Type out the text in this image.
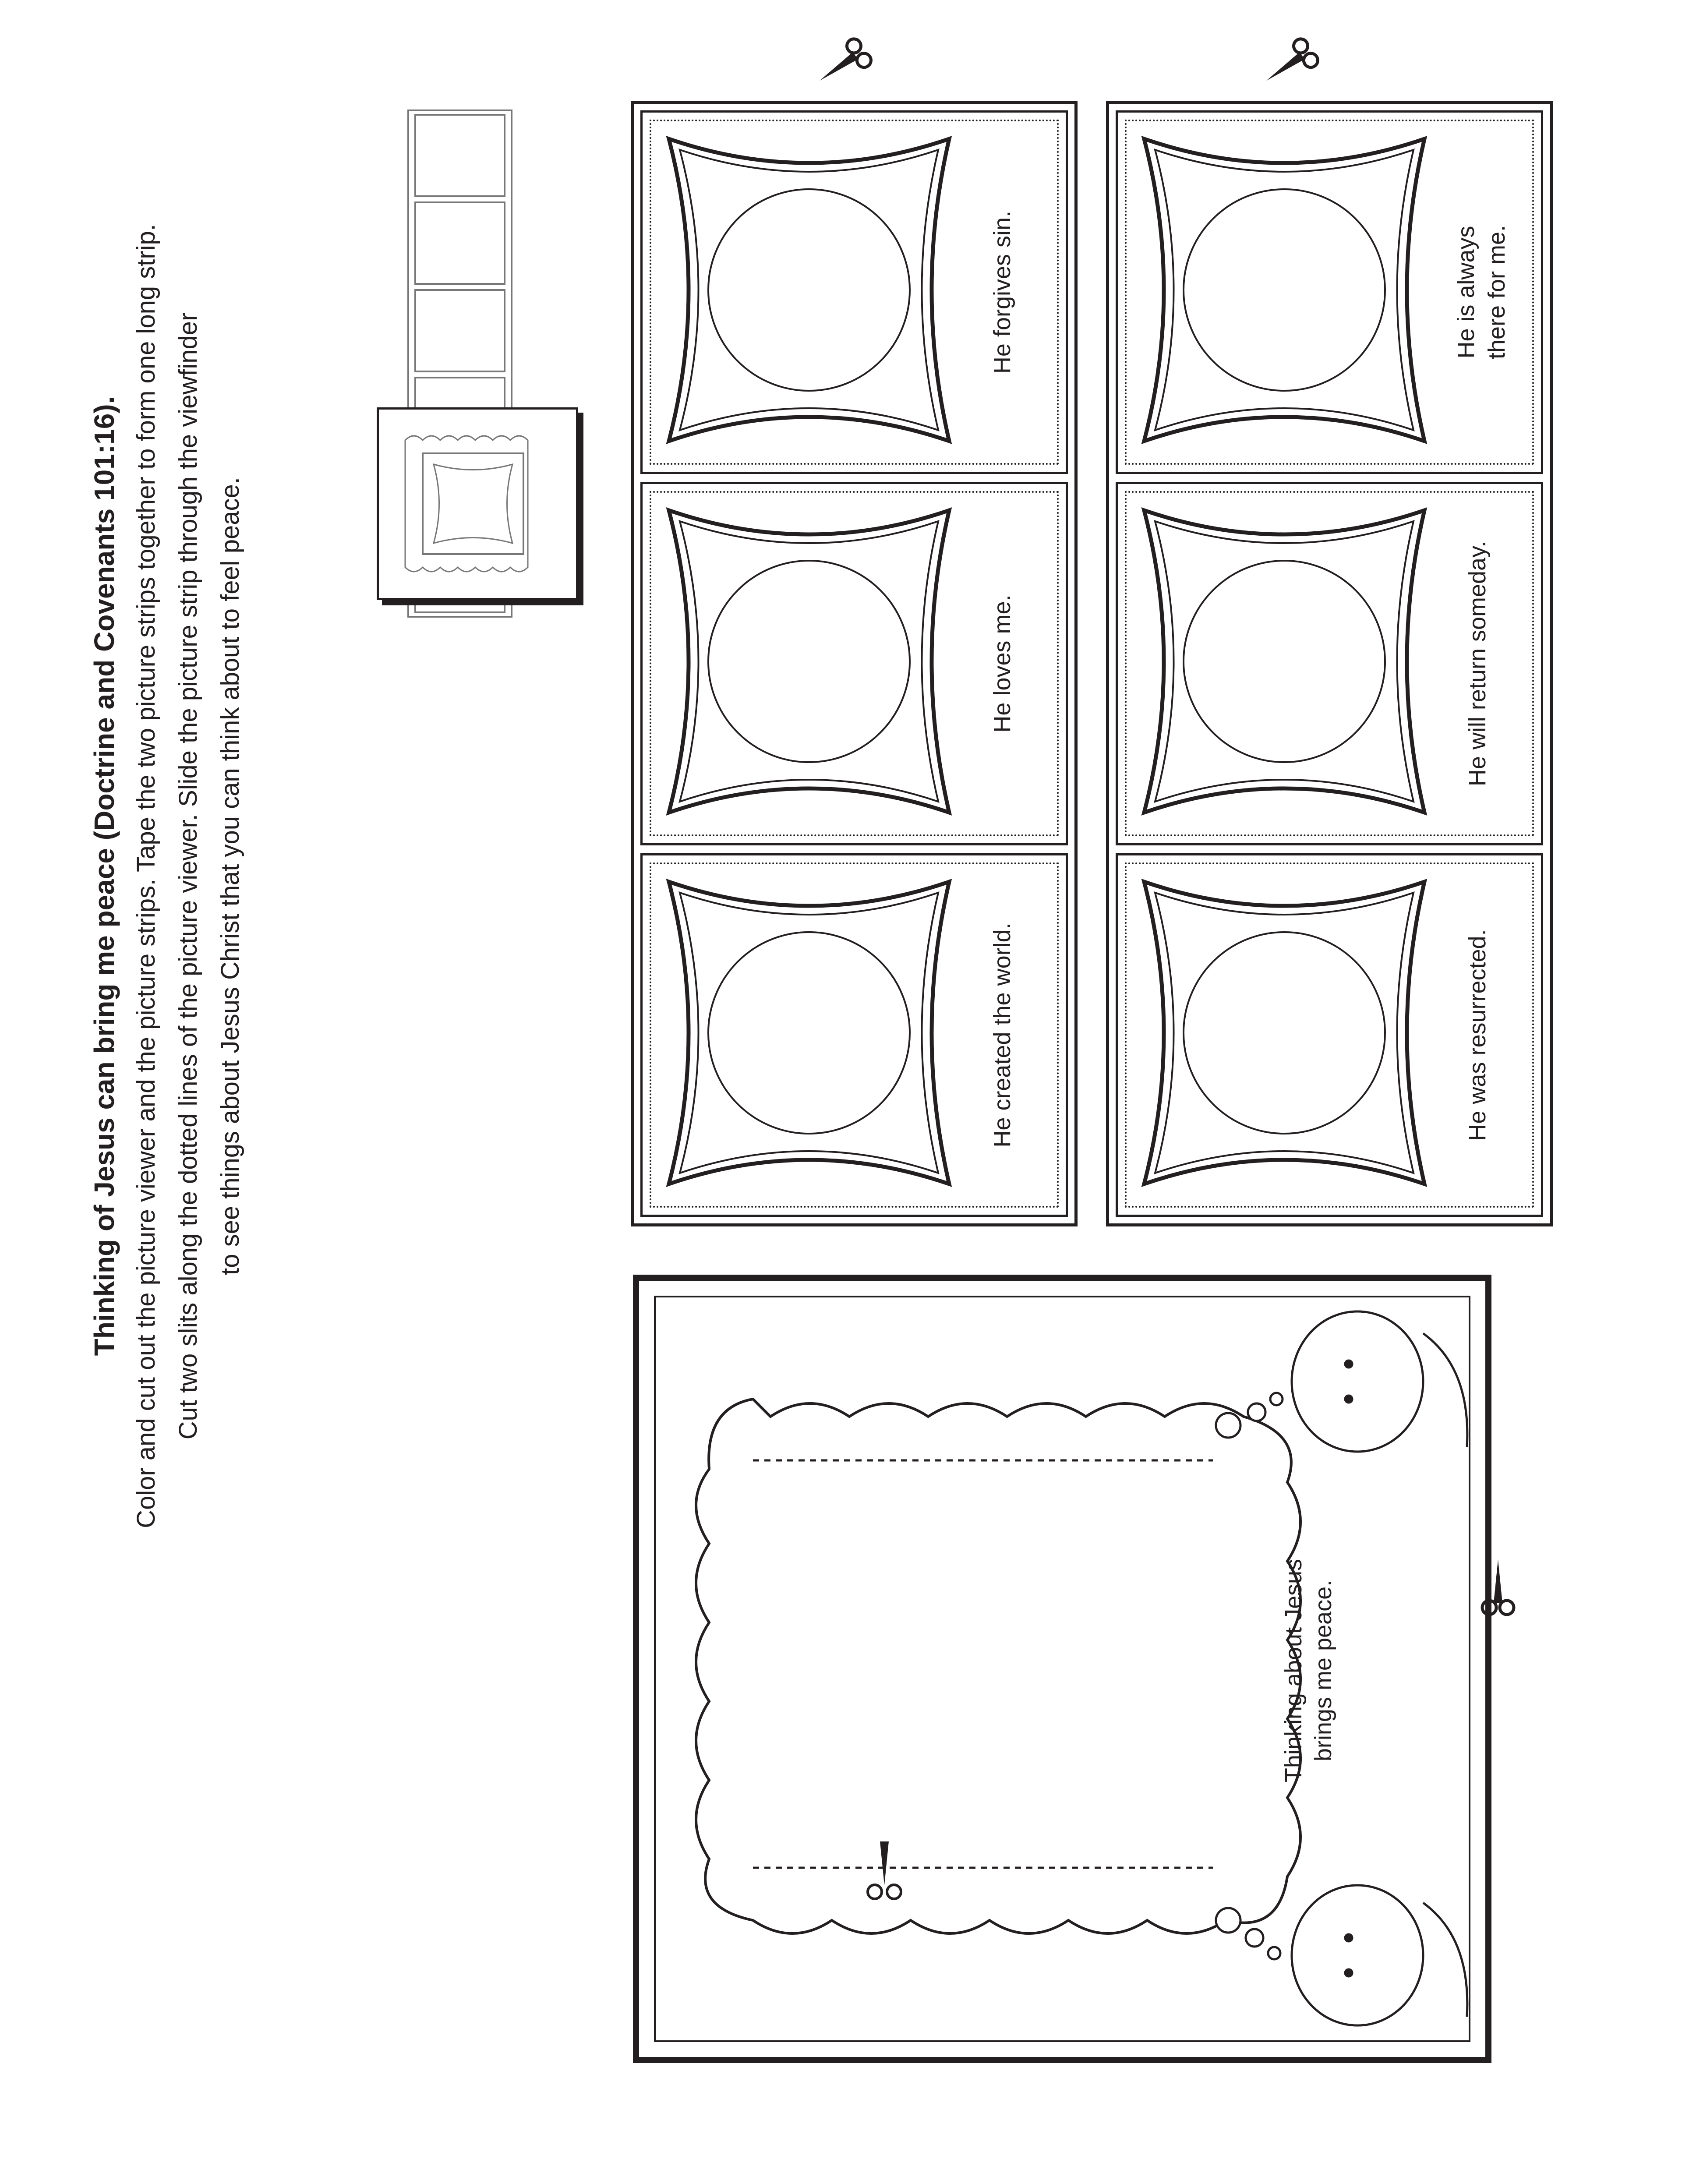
Thinking of Jesus can bring me peace (Doctrine and Covenants 101:16). Color and cut out the picture viewer and the picture strips. Tape the two picture strips together to form one long strip. Cut two slits along the dotted lines of the picture viewer. Slide the picture strip through the viewfinder to see things about Jesus Christ that you can think about to feel peace.
He forgives sin.
He loves me.
He created the world.
He is always there for me.
He will return someday.
He was resurrected.
Thinking about Jesus brings me peace.
